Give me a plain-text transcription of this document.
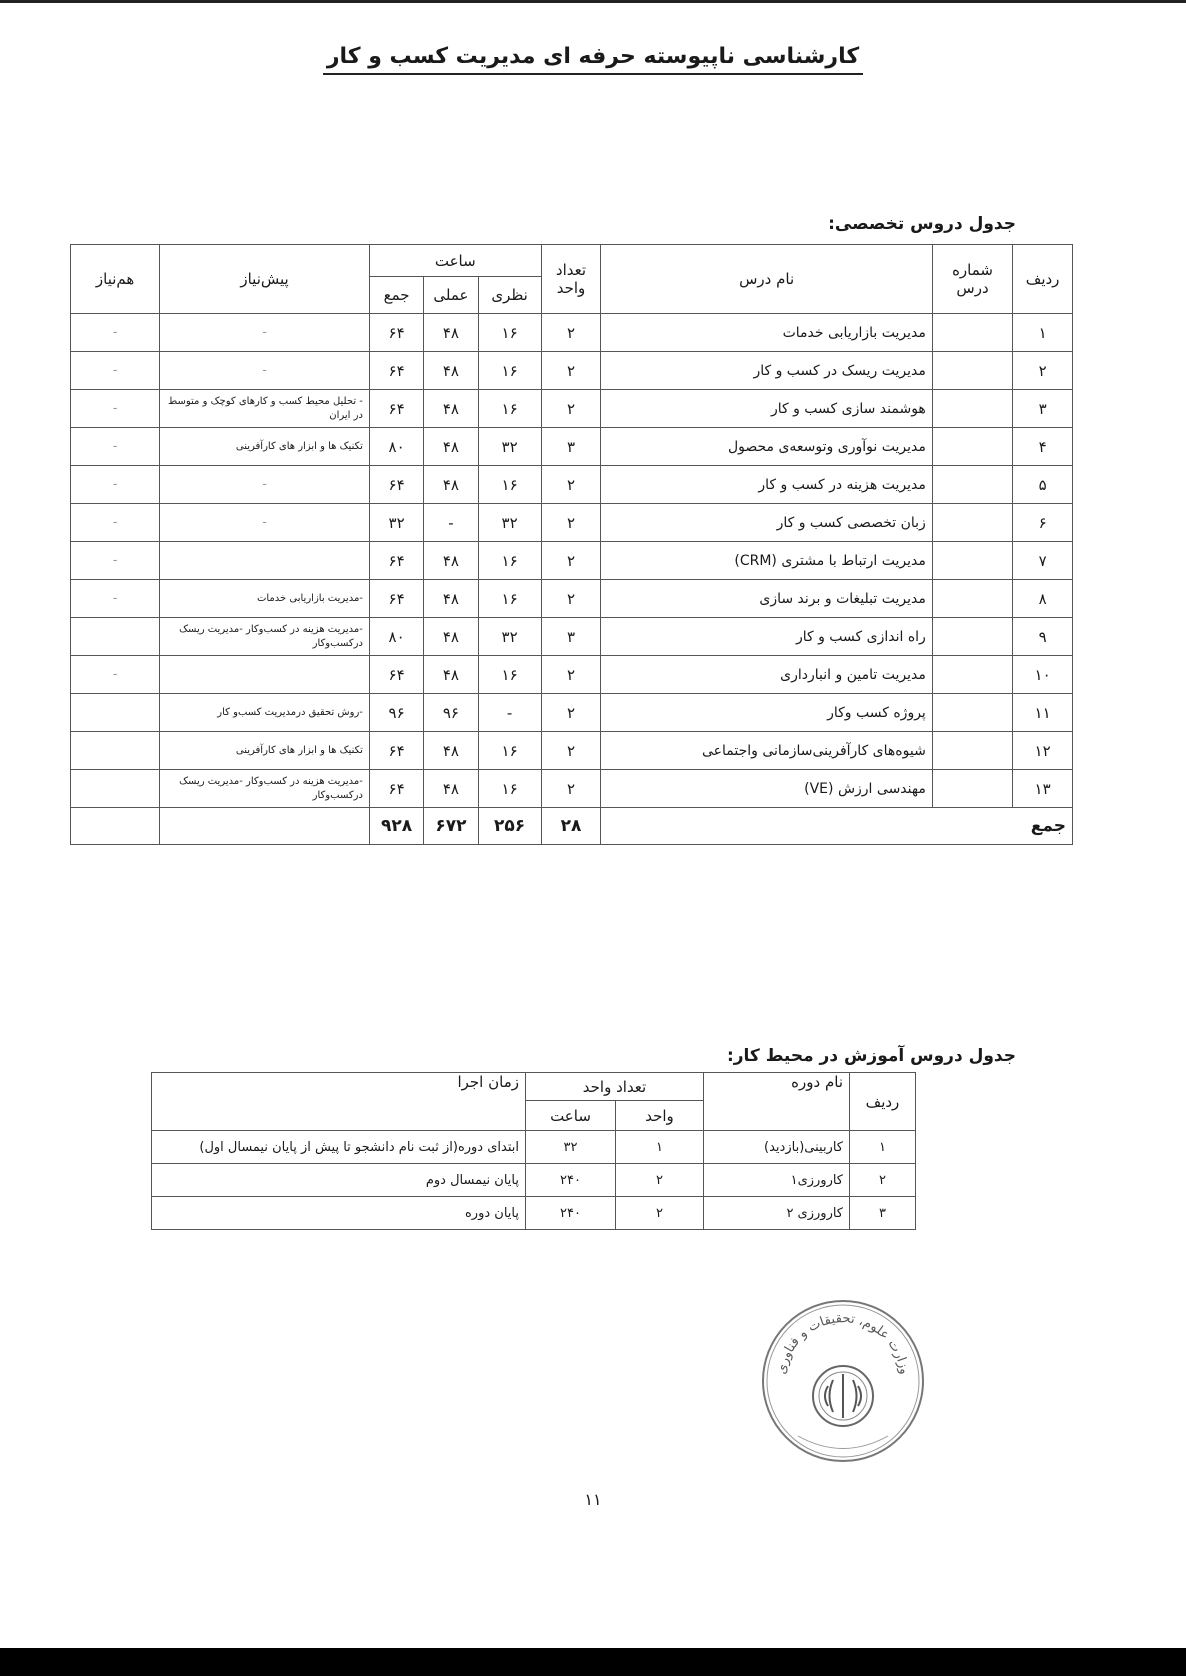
کارشناسی ناپیوسته حرفه ای مدیریت کسب و کار
جدول دروس تخصصی:
ردیف	شماره درس	نام درس	تعداد واحد	ساعت			پیش‌نیاز	هم‌نیاز
				نظری	عملی	جمع		
۱		مدیریت بازاریابی خدمات	۲	۱۶	۴۸	۶۴	-	-
۲		مدیریت ریسک در کسب و کار	۲	۱۶	۴۸	۶۴	-	-
۳		هوشمند سازی کسب و کار	۲	۱۶	۴۸	۶۴	- تحلیل محیط کسب و کارهای کوچک و متوسط در ایران	-
۴		مدیریت نوآوری وتوسعه‌ی محصول	۳	۳۲	۴۸	۸۰	تکنیک ها و ابزار های کارآفرینی	-
۵		مدیریت هزینه در کسب و کار	۲	۱۶	۴۸	۶۴	-	-
۶		زبان تخصصی کسب و کار	۲	۳۲	-	۳۲	-	-
۷		مدیریت ارتباط با مشتری (CRM)	۲	۱۶	۴۸	۶۴		-
۸		مدیریت تبلیغات و برند سازی	۲	۱۶	۴۸	۶۴	-مدیریت بازاریابی خدمات	-
۹		راه اندازی کسب و کار	۳	۳۲	۴۸	۸۰	-مدیریت هزینه در کسب‌وکار -مدیریت ریسک درکسب‌وکار	
۱۰		مدیریت تامین و انبارداری	۲	۱۶	۴۸	۶۴		-
۱۱		پروژه کسب وکار	۲	-	۹۶	۹۶	-روش تحقیق درمدیریت کسب‌و کار	
۱۲		شیوه‌های کارآفرینی‌سازمانی واجتماعی	۲	۱۶	۴۸	۶۴	تکنیک ها و ابزار های کارآفرینی	
۱۳		مهندسی ارزش (VE)	۲	۱۶	۴۸	۶۴	-مدیریت هزینه در کسب‌وکار -مدیریت ریسک درکسب‌وکار	
جمع			۲۸	۲۵۶	۶۷۲	۹۲۸		
جدول دروس آموزش در محیط کار:
ردیف	نام دوره	تعداد واحد		زمان اجرا
		واحد	ساعت	
۱	کاربینی(بازدید)	۱	۳۲	ابتدای دوره(از ثبت نام دانشجو تا پیش از پایان نیمسال اول)
۲	کارورزی۱	۲	۲۴۰	پایان نیمسال دوم
۳	کارورزی ۲	۲	۲۴۰	پایان دوره
وزارت علوم، تحقیقات و فناوری
۱۱
